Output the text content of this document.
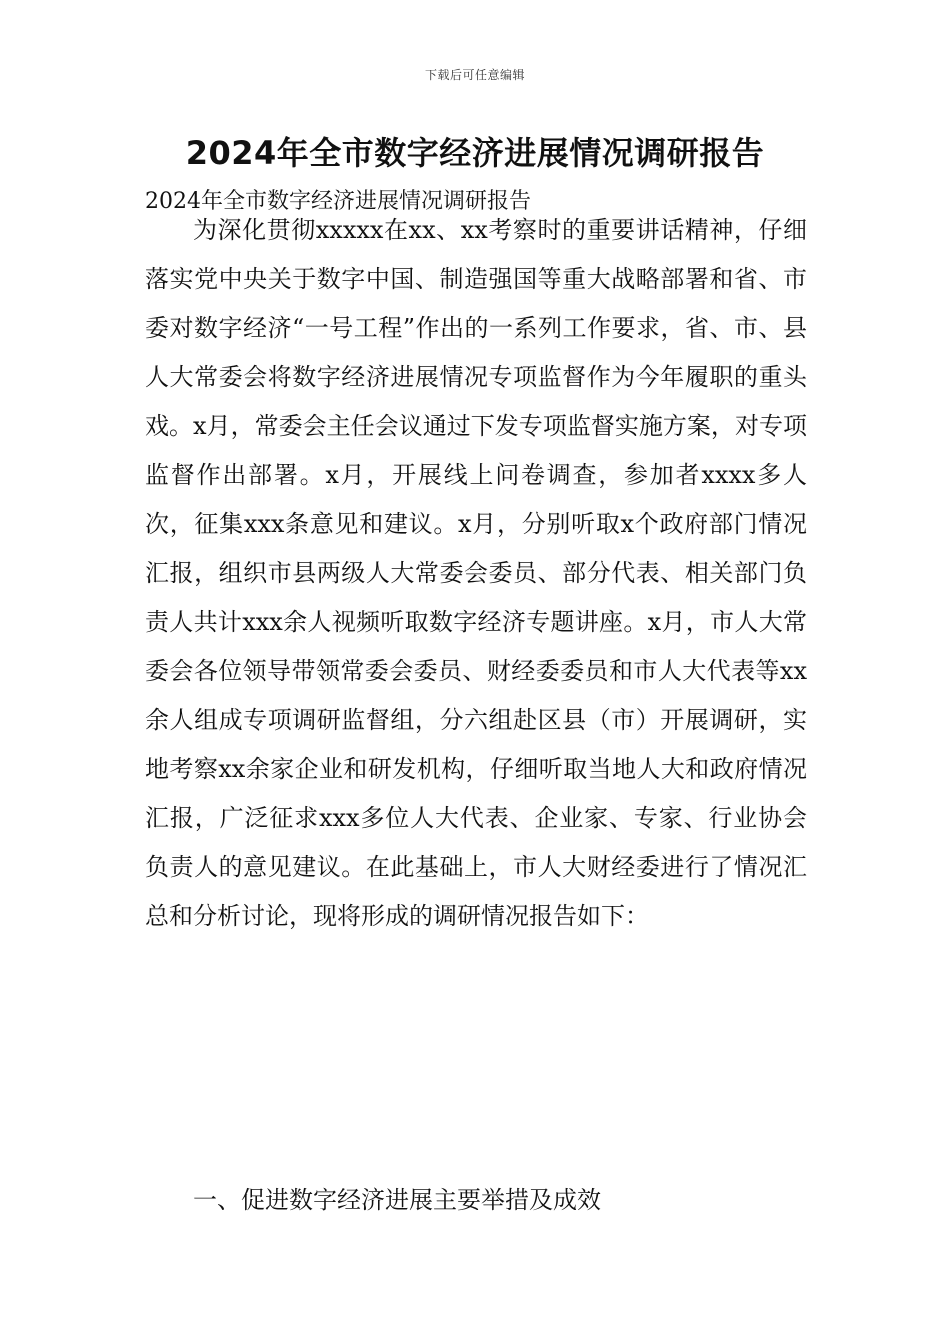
下载后可任意编辑
2024年全市数字经济进展情况调研报告

2024年全市数字经济进展情况调研报告

为深化贯彻xxxxx在xx、xx考察时的重要讲话精神，仔细落实党中央关于数字中国、制造强国等重大战略部署和省、市委对数字经济“一号工程”作出的一系列工作要求，省、市、县人大常委会将数字经济进展情况专项监督作为今年履职的重头戏。x月，常委会主任会议通过下发专项监督实施方案，对专项监督作出部署。x月，开展线上问卷调查，参加者xxxx多人次，征集xxx条意见和建议。x月，分别听取x个政府部门情况汇报，组织市县两级人大常委会委员、部分代表、相关部门负责人共计xxx余人视频听取数字经济专题讲座。x月，市人大常委会各位领导带领常委会委员、财经委委员和市人大代表等xx余人组成专项调研监督组，分六组赴区县（市）开展调研，实地考察xx余家企业和研发机构，仔细听取当地人大和政府情况汇报，广泛征求xxx多位人大代表、企业家、专家、行业协会负责人的意见建议。在此基础上，市人大财经委进行了情况汇总和分析讨论，现将形成的调研情况报告如下：

一、促进数字经济进展主要举措及成效
